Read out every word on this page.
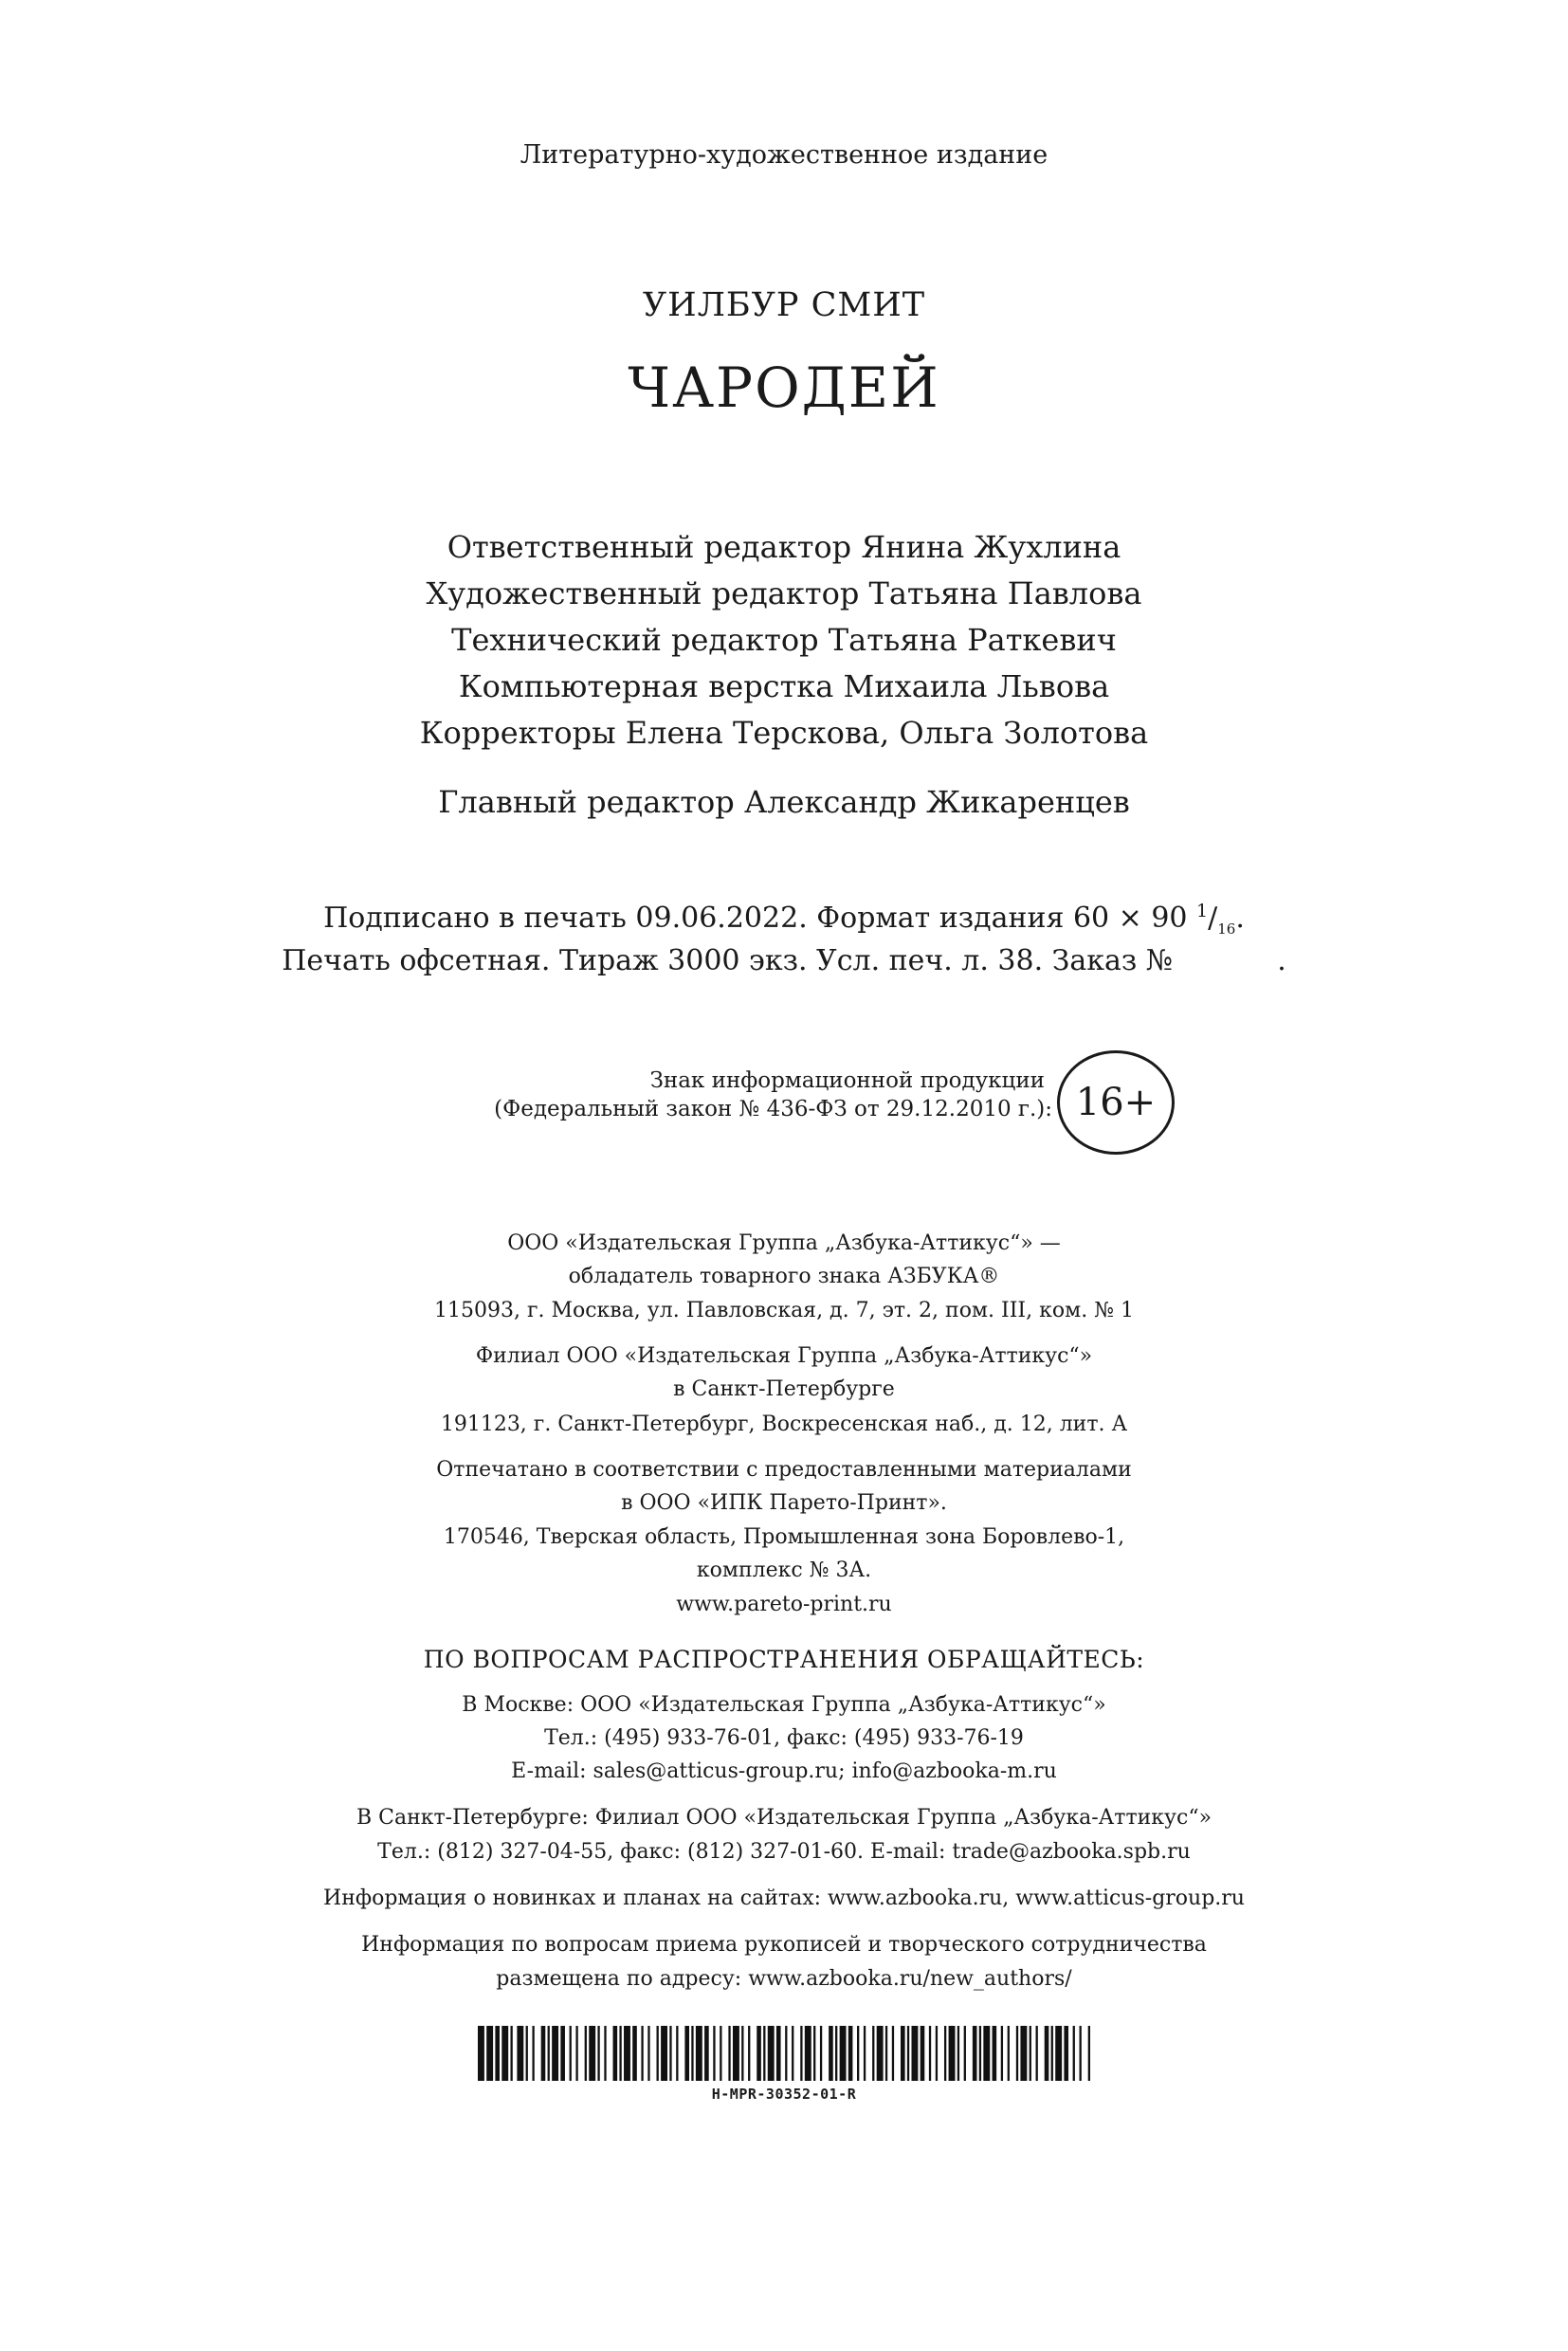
Литературно-художественное издание
УИЛБУР СМИТ
ЧАРОДЕЙ
Ответственный редактор Янина Жухлина
Художественный редактор Татьяна Павлова
Технический редактор Татьяна Раткевич
Компьютерная верстка Михаила Львова
Корректоры Елена Терскова, Ольга Золотова
Главный редактор Александр Жикаренцев
Подписано в печать 09.06.2022. Формат издания 60 × 90 $^1/_{16}$.
Печать офсетная. Тираж 3000 экз. Усл. печ. л. 38. Заказ №	.
Знак информационной продукции
(Федеральный закон № 436-ФЗ от 29.12.2010 г.): 16+
ООО «Издательская Группа „Азбука-Аттикус“» —
обладатель товарного знака АЗБУКА®
115093, г. Москва, ул. Павловская, д. 7, эт. 2, пом. III, ком. № 1
Филиал ООО «Издательская Группа „Азбука-Аттикус“»
в Санкт-Петербурге
191123, г. Санкт-Петербург, Воскресенская наб., д. 12, лит. А
Отпечатано в соответствии с предоставленными материалами
в ООО «ИПК Парето-Принт».
170546, Тверская область, Промышленная зона Боровлево-1,
комплекс № 3А.
www.pareto-print.ru
ПО ВОПРОСАМ РАСПРОСТРАНЕНИЯ ОБРАЩАЙТЕСЬ:
В Москве: ООО «Издательская Группа „Азбука-Аттикус“»
Тел.: (495) 933-76-01, факс: (495) 933-76-19
E-mail: sales@atticus-group.ru; info@azbooka-m.ru
В Санкт-Петербурге: Филиал ООО «Издательская Группа „Азбука-Аттикус“»
Тел.: (812) 327-04-55, факс: (812) 327-01-60. E-mail: trade@azbooka.spb.ru
Информация о новинках и планах на сайтах: www.azbooka.ru, www.atticus-group.ru
Информация по вопросам приема рукописей и творческого сотрудничества
размещена по адресу: www.azbooka.ru/new_authors/
H-MPR-30352-01-R
